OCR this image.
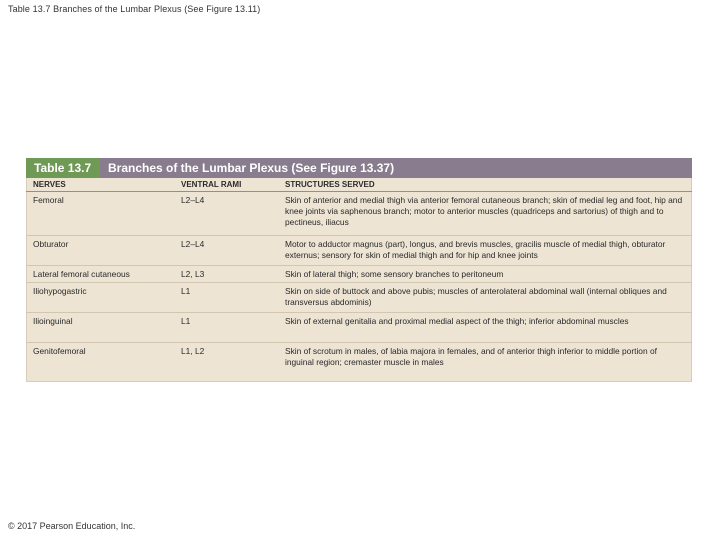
Table 13.7 Branches of the Lumbar Plexus (See Figure 13.11)
Table 13.7	Branches of the Lumbar Plexus (See Figure 13.37)
NERVES	VENTRAL RAMI	STRUCTURES SERVED
Femoral	L2–L4	Skin of anterior and medial thigh via anterior femoral cutaneous branch; skin of medial leg and foot, hip and knee joints via saphenous branch; motor to anterior muscles (quadriceps and sartorius) of thigh and to pectineus, iliacus
Obturator	L2–L4	Motor to adductor magnus (part), longus, and brevis muscles, gracilis muscle of medial thigh, obturator externus; sensory for skin of medial thigh and for hip and knee joints
Lateral femoral cutaneous	L2, L3	Skin of lateral thigh; some sensory branches to peritoneum
Iliohypogastric	L1	Skin on side of buttock and above pubis; muscles of anterolateral abdominal wall (internal obliques and transversus abdominis)
Ilioinguinal	L1	Skin of external genitalia and proximal medial aspect of the thigh; inferior abdominal muscles
Genitofemoral	L1, L2	Skin of scrotum in males, of labia majora in females, and of anterior thigh inferior to middle portion of inguinal region; cremaster muscle in males
© 2017 Pearson Education, Inc.
